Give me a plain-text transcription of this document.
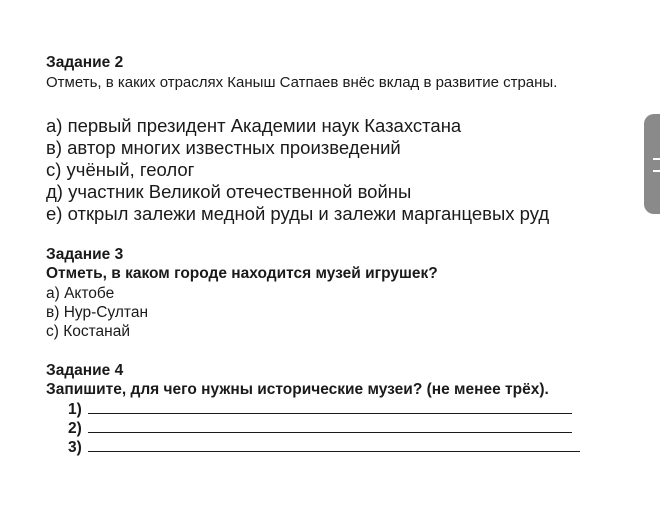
Задание 2
Отметь, в каких отраслях Каныш Сатпаев внёс вклад в развитие страны.
а) первый президент Академии наук Казахстана
в) автор многих известных произведений
с) учёный, геолог
д) участник Великой отечественной войны
е) открыл залежи медной руды и залежи марганцевых руд
Задание 3
Отметь, в каком городе находится музей игрушек?
а) Актобе
в) Нур-Султан
с) Костанай
Задание 4
Запишите, для чего нужны исторические музеи? (не менее трёх).
1)
2)
3)
